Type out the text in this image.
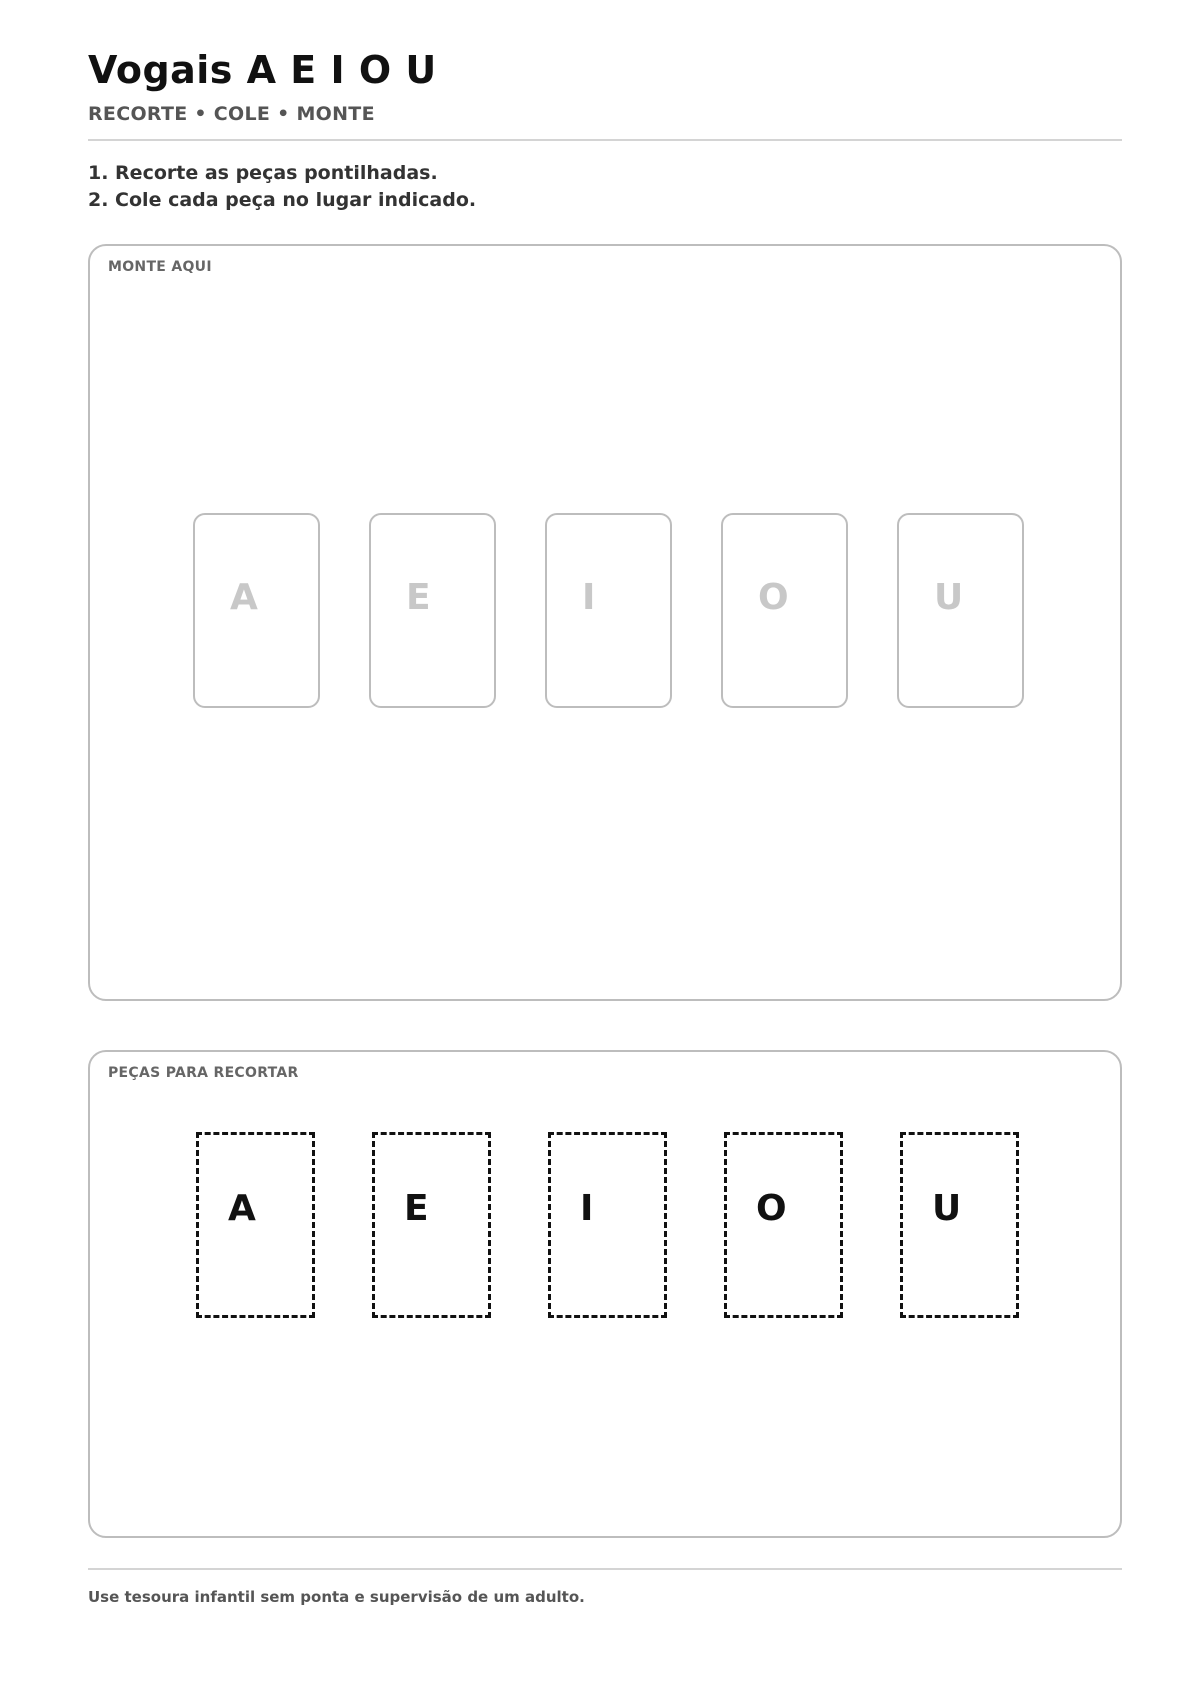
Vogais A E I O U
RECORTE • COLE • MONTE
1. Recorte as peças pontilhadas.
2. Cole cada peça no lugar indicado.
MONTE AQUI
A	E	I	O	U
PEÇAS PARA RECORTAR
A	E	I	O	U
Use tesoura infantil sem ponta e supervisão de um adulto.
